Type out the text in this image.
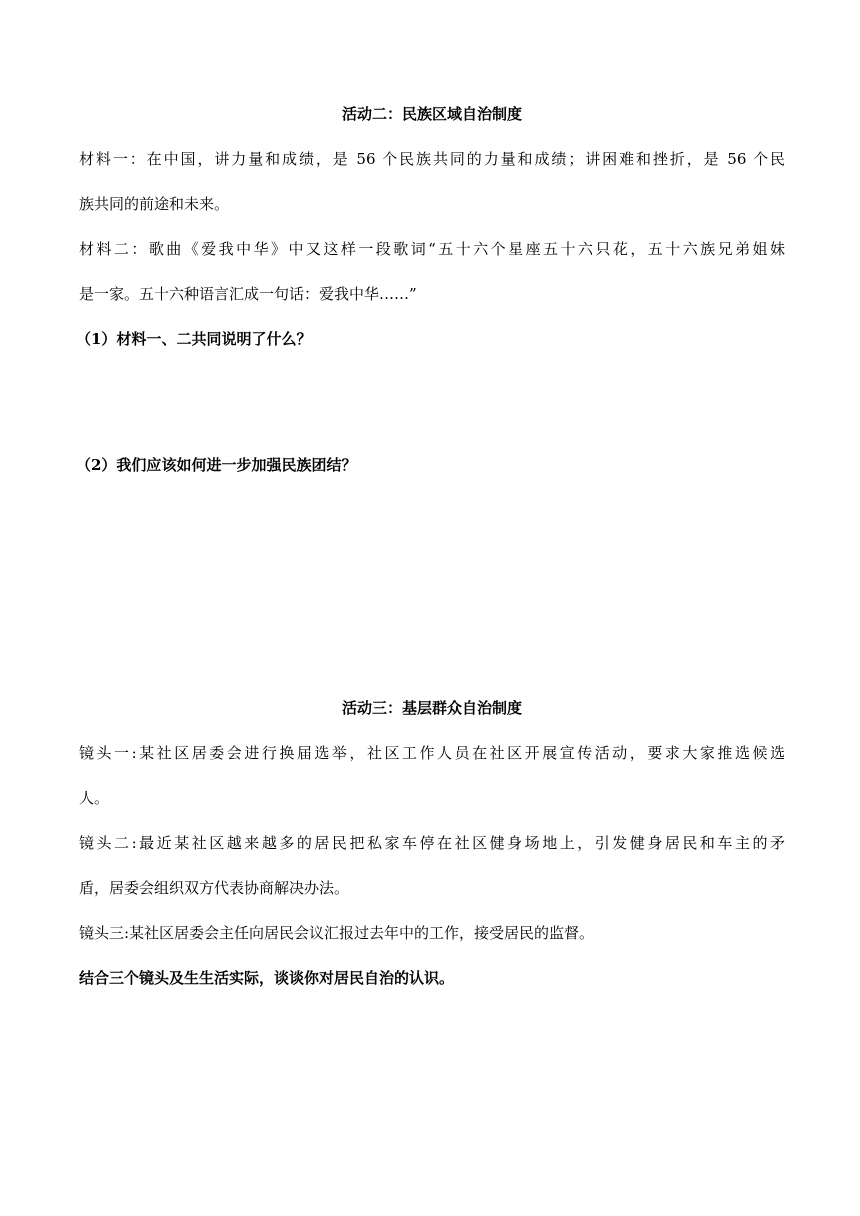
活动二：民族区域自治制度
材料一：在中国，讲力量和成绩，是 56 个民族共同的力量和成绩；讲困难和挫折，是 56 个民
族共同的前途和未来。
材料二：歌曲《爱我中华》中又这样一段歌词“五十六个星座五十六只花，五十六族兄弟姐妹
是一家。五十六种语言汇成一句话：爱我中华……”
（1）材料一、二共同说明了什么？
（2）我们应该如何进一步加强民族团结？
活动三：基层群众自治制度
镜头一:某社区居委会进行换届选举，社区工作人员在社区开展宣传活动，要求大家推选候选
人。
镜头二:最近某社区越来越多的居民把私家车停在社区健身场地上，引发健身居民和车主的矛
盾，居委会组织双方代表协商解决办法。
镜头三:某社区居委会主任向居民会议汇报过去年中的工作，接受居民的监督。
结合三个镜头及生生活实际，谈谈你对居民自治的认识。
